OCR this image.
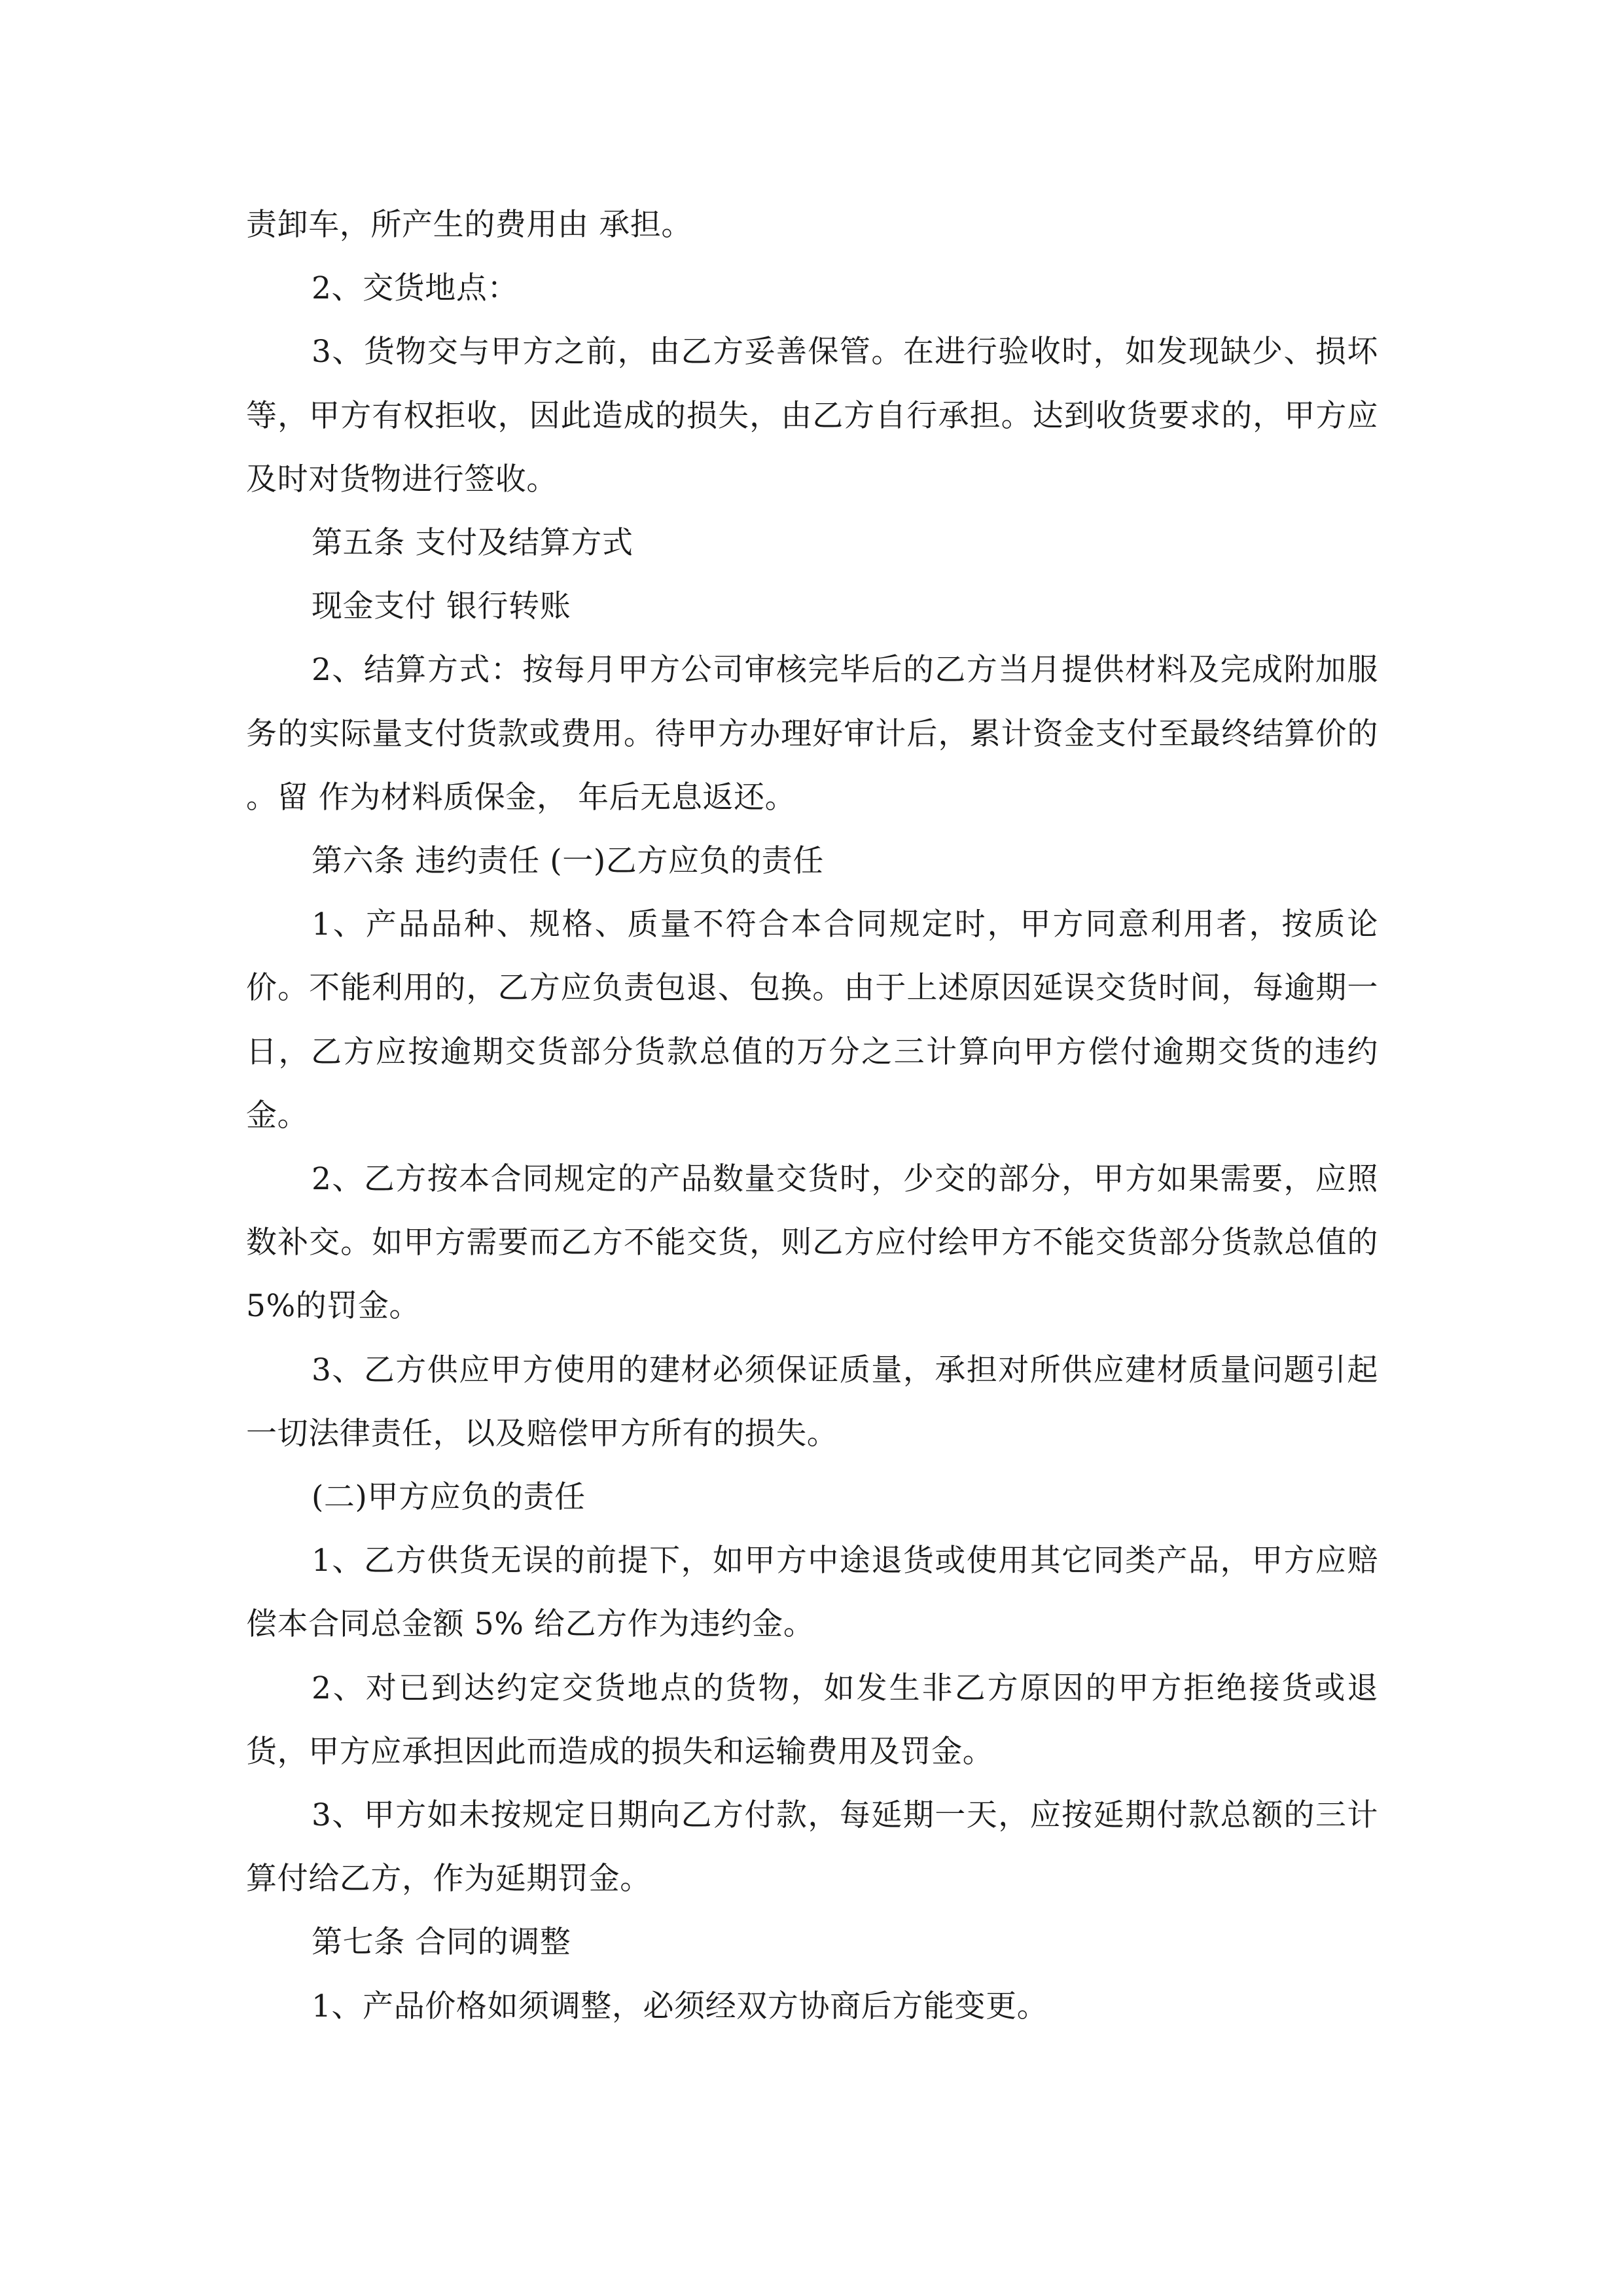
责卸车，所产生的费用由 承担。

2、交货地点：

3、货物交与甲方之前，由乙方妥善保管。在进行验收时，如发现缺少、损坏等，甲方有权拒收，因此造成的损失，由乙方自行承担。达到收货要求的，甲方应及时对货物进行签收。

第五条 支付及结算方式

现金支付 银行转账

2、结算方式：按每月甲方公司审核完毕后的乙方当月提供材料及完成附加服务的实际量支付货款或费用。待甲方办理好审计后，累计资金支付至最终结算价的 。留 作为材料质保金， 年后无息返还。

第六条 违约责任 (一)乙方应负的责任

1、产品品种、规格、质量不符合本合同规定时，甲方同意利用者，按质论价。不能利用的，乙方应负责包退、包换。由于上述原因延误交货时间，每逾期一日，乙方应按逾期交货部分货款总值的万分之三计算向甲方偿付逾期交货的违约金。

2、乙方按本合同规定的产品数量交货时，少交的部分，甲方如果需要，应照数补交。如甲方需要而乙方不能交货，则乙方应付绘甲方不能交货部分货款总值的 5%的罚金。

3、乙方供应甲方使用的建材必须保证质量，承担对所供应建材质量问题引起一切法律责任，以及赔偿甲方所有的损失。

(二)甲方应负的责任

1、乙方供货无误的前提下，如甲方中途退货或使用其它同类产品，甲方应赔偿本合同总金额 5% 给乙方作为违约金。

2、对已到达约定交货地点的货物，如发生非乙方原因的甲方拒绝接货或退货，甲方应承担因此而造成的损失和运输费用及罚金。

3、甲方如未按规定日期向乙方付款，每延期一天，应按延期付款总额的三计算付给乙方，作为延期罚金。

第七条 合同的调整

1、产品价格如须调整，必须经双方协商后方能变更。
